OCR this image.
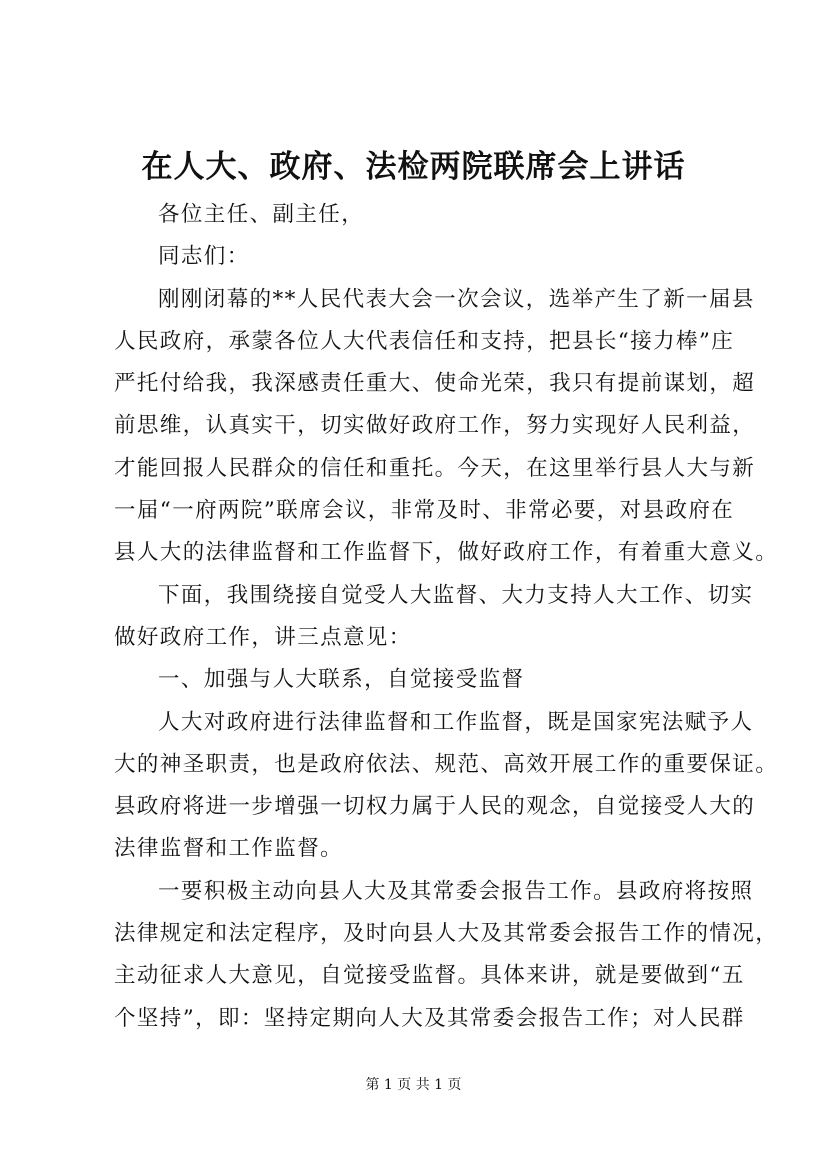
在人大、政府、法检两院联席会上讲话
各位主任、副主任，
同志们：
刚刚闭幕的**人民代表大会一次会议，选举产生了新一届县
人民政府，承蒙各位人大代表信任和支持，把县长“接力棒”庄
严托付给我，我深感责任重大、使命光荣，我只有提前谋划，超
前思维，认真实干，切实做好政府工作，努力实现好人民利益，
才能回报人民群众的信任和重托。今天，在这里举行县人大与新
一届“一府两院”联席会议，非常及时、非常必要，对县政府在
县人大的法律监督和工作监督下，做好政府工作，有着重大意义。
下面，我围绕接自觉受人大监督、大力支持人大工作、切实
做好政府工作，讲三点意见：
一、加强与人大联系，自觉接受监督
人大对政府进行法律监督和工作监督，既是国家宪法赋予人
大的神圣职责，也是政府依法、规范、高效开展工作的重要保证。
县政府将进一步增强一切权力属于人民的观念，自觉接受人大的
法律监督和工作监督。
一要积极主动向县人大及其常委会报告工作。县政府将按照
法律规定和法定程序，及时向县人大及其常委会报告工作的情况，
主动征求人大意见，自觉接受监督。具体来讲，就是要做到“五
个坚持”，即：坚持定期向人大及其常委会报告工作；对人民群
第 1 页 共 1 页
